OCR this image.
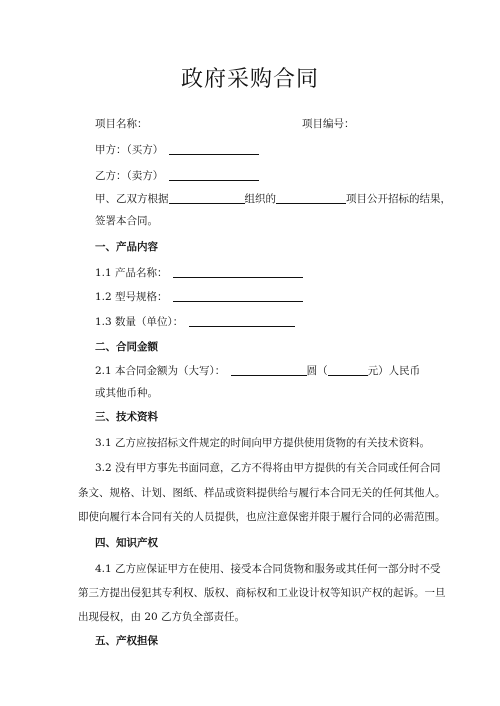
政府采购合同
项目名称：	项目编号：
甲方：（买方）
乙方：（卖方）
甲、乙双方根据	组织的	项目公开招标的结果，
签署本合同。
一、产品内容
1.1 产品名称：
1.2 型号规格：
1.3 数量（单位）：
二、合同金额
2.1 本合同金额为（大写）：	圆（	元）人民币
或其他币种。
三、技术资料
3.1 乙方应按招标文件规定的时间向甲方提供使用货物的有关技术资料。
3.2 没有甲方事先书面同意，乙方不得将由甲方提供的有关合同或任何合同
条文、规格、计划、图纸、样品或资料提供给与履行本合同无关的任何其他人。
即使向履行本合同有关的人员提供，也应注意保密并限于履行合同的必需范围。
四、知识产权
4.1 乙方应保证甲方在使用、接受本合同货物和服务或其任何一部分时不受
第三方提出侵犯其专利权、版权、商标权和工业设计权等知识产权的起诉。一旦
出现侵权，由 20 乙方负全部责任。
五、产权担保
